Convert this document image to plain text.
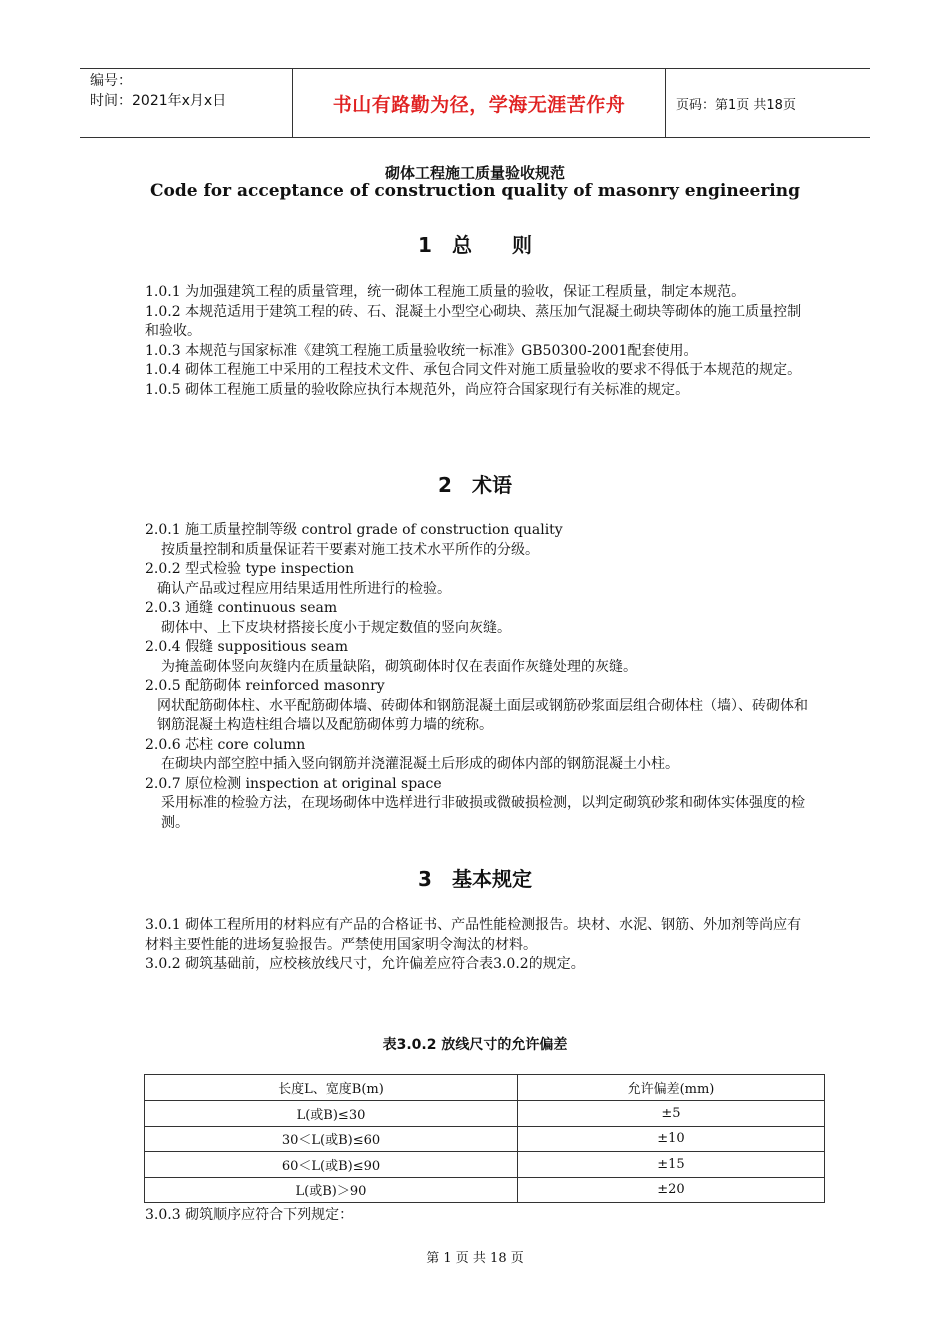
编号：
时间：2021年x月x日	书山有路勤为径，学海无涯苦作舟	页码：第1页 共18页
砌体工程施工质量验收规范
Code for acceptance of construction quality of masonry engineering
1　总　　则

1.0.1 为加强建筑工程的质量管理，统一砌体工程施工质量的验收，保证工程质量，制定本规范。

1.0.2 本规范适用于建筑工程的砖、石、混凝土小型空心砌块、蒸压加气混凝土砌块等砌体的施工质量控制和验收。

1.0.3 本规范与国家标准《建筑工程施工质量验收统一标准》GB50300-2001配套使用。

1.0.4 砌体工程施工中采用的工程技术文件、承包合同文件对施工质量验收的要求不得低于本规范的规定。

1.0.5 砌体工程施工质量的验收除应执行本规范外，尚应符合国家现行有关标准的规定。

2　术语

2.0.1 施工质量控制等级 control grade of construction quality

按质量控制和质量保证若干要素对施工技术水平所作的分级。

2.0.2 型式检验 type inspection

确认产品或过程应用结果适用性所进行的检验。

2.0.3 通缝 continuous seam

砌体中、上下皮块材搭接长度小于规定数值的竖向灰缝。

2.0.4 假缝 suppositious seam

为掩盖砌体竖向灰缝内在质量缺陷，砌筑砌体时仅在表面作灰缝处理的灰缝。

2.0.5 配筋砌体 reinforced masonry

网状配筋砌体柱、水平配筋砌体墙、砖砌体和钢筋混凝土面层或钢筋砂浆面层组合砌体柱（墙）、砖砌体和钢筋混凝土构造柱组合墙以及配筋砌体剪力墙的统称。

2.0.6 芯柱 core column

在砌块内部空腔中插入竖向钢筋并浇灌混凝土后形成的砌体内部的钢筋混凝土小柱。

2.0.7 原位检测 inspection at original space

采用标准的检验方法，在现场砌体中选样进行非破损或微破损检测，以判定砌筑砂浆和砌体实体强度的检测。

3　基本规定

3.0.1 砌体工程所用的材料应有产品的合格证书、产品性能检测报告。块材、水泥、钢筋、外加剂等尚应有材料主要性能的进场复验报告。严禁使用国家明令淘汰的材料。

3.0.2 砌筑基础前，应校核放线尺寸，允许偏差应符合表3.0.2的规定。

表3.0.2 放线尺寸的允许偏差
长度L、宽度B(m)	允许偏差(mm)
L(或B)≤30	±5
30＜L(或B)≤60	±10
60＜L(或B)≤90	±15
L(或B)＞90	±20
3.0.3 砌筑顺序应符合下列规定：
第 1 页 共 18 页
